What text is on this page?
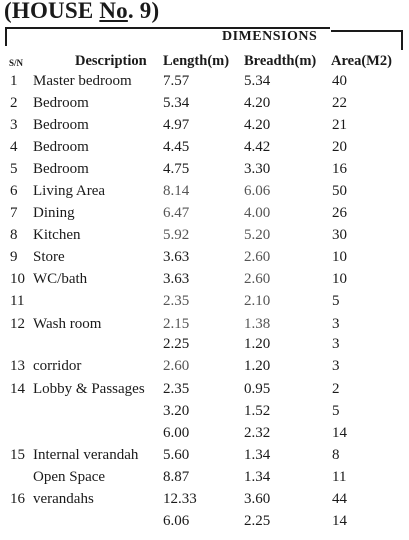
(HOUSE No. 9)
DIMENSIONS
S/N	Description Length(m) Breadth(m) Area(M2)
1 Master bedroom 7.57	5.34	40
2 Bedroom	5.34	4.20	22
3 Bedroom	4.97	4.20	21
4 Bedroom	4.45	4.42	20
5 Bedroom	4.75	3.30	16
6 Living Area	8.14	6.06	50
7 Dining	6.47	4.00	26
8 Kitchen	5.92	5.20	30
9 Store	3.63	2.60	10
10 WC/bath	3.63	2.60	10
11	2.35	2.10	5
12 Wash room	2.15	1.38	3
2.25	1.20	3
13 corridor	2.60	1.20	3
14 Lobby & Passages 2.35	0.95	2
3.20	1.52	5
6.00	2.32	14
15 Internal verandah 5.60	1.34	8
Open Space	8.87	1.34	11
16 verandahs	12.33	3.60	44
6.06	2.25	14
